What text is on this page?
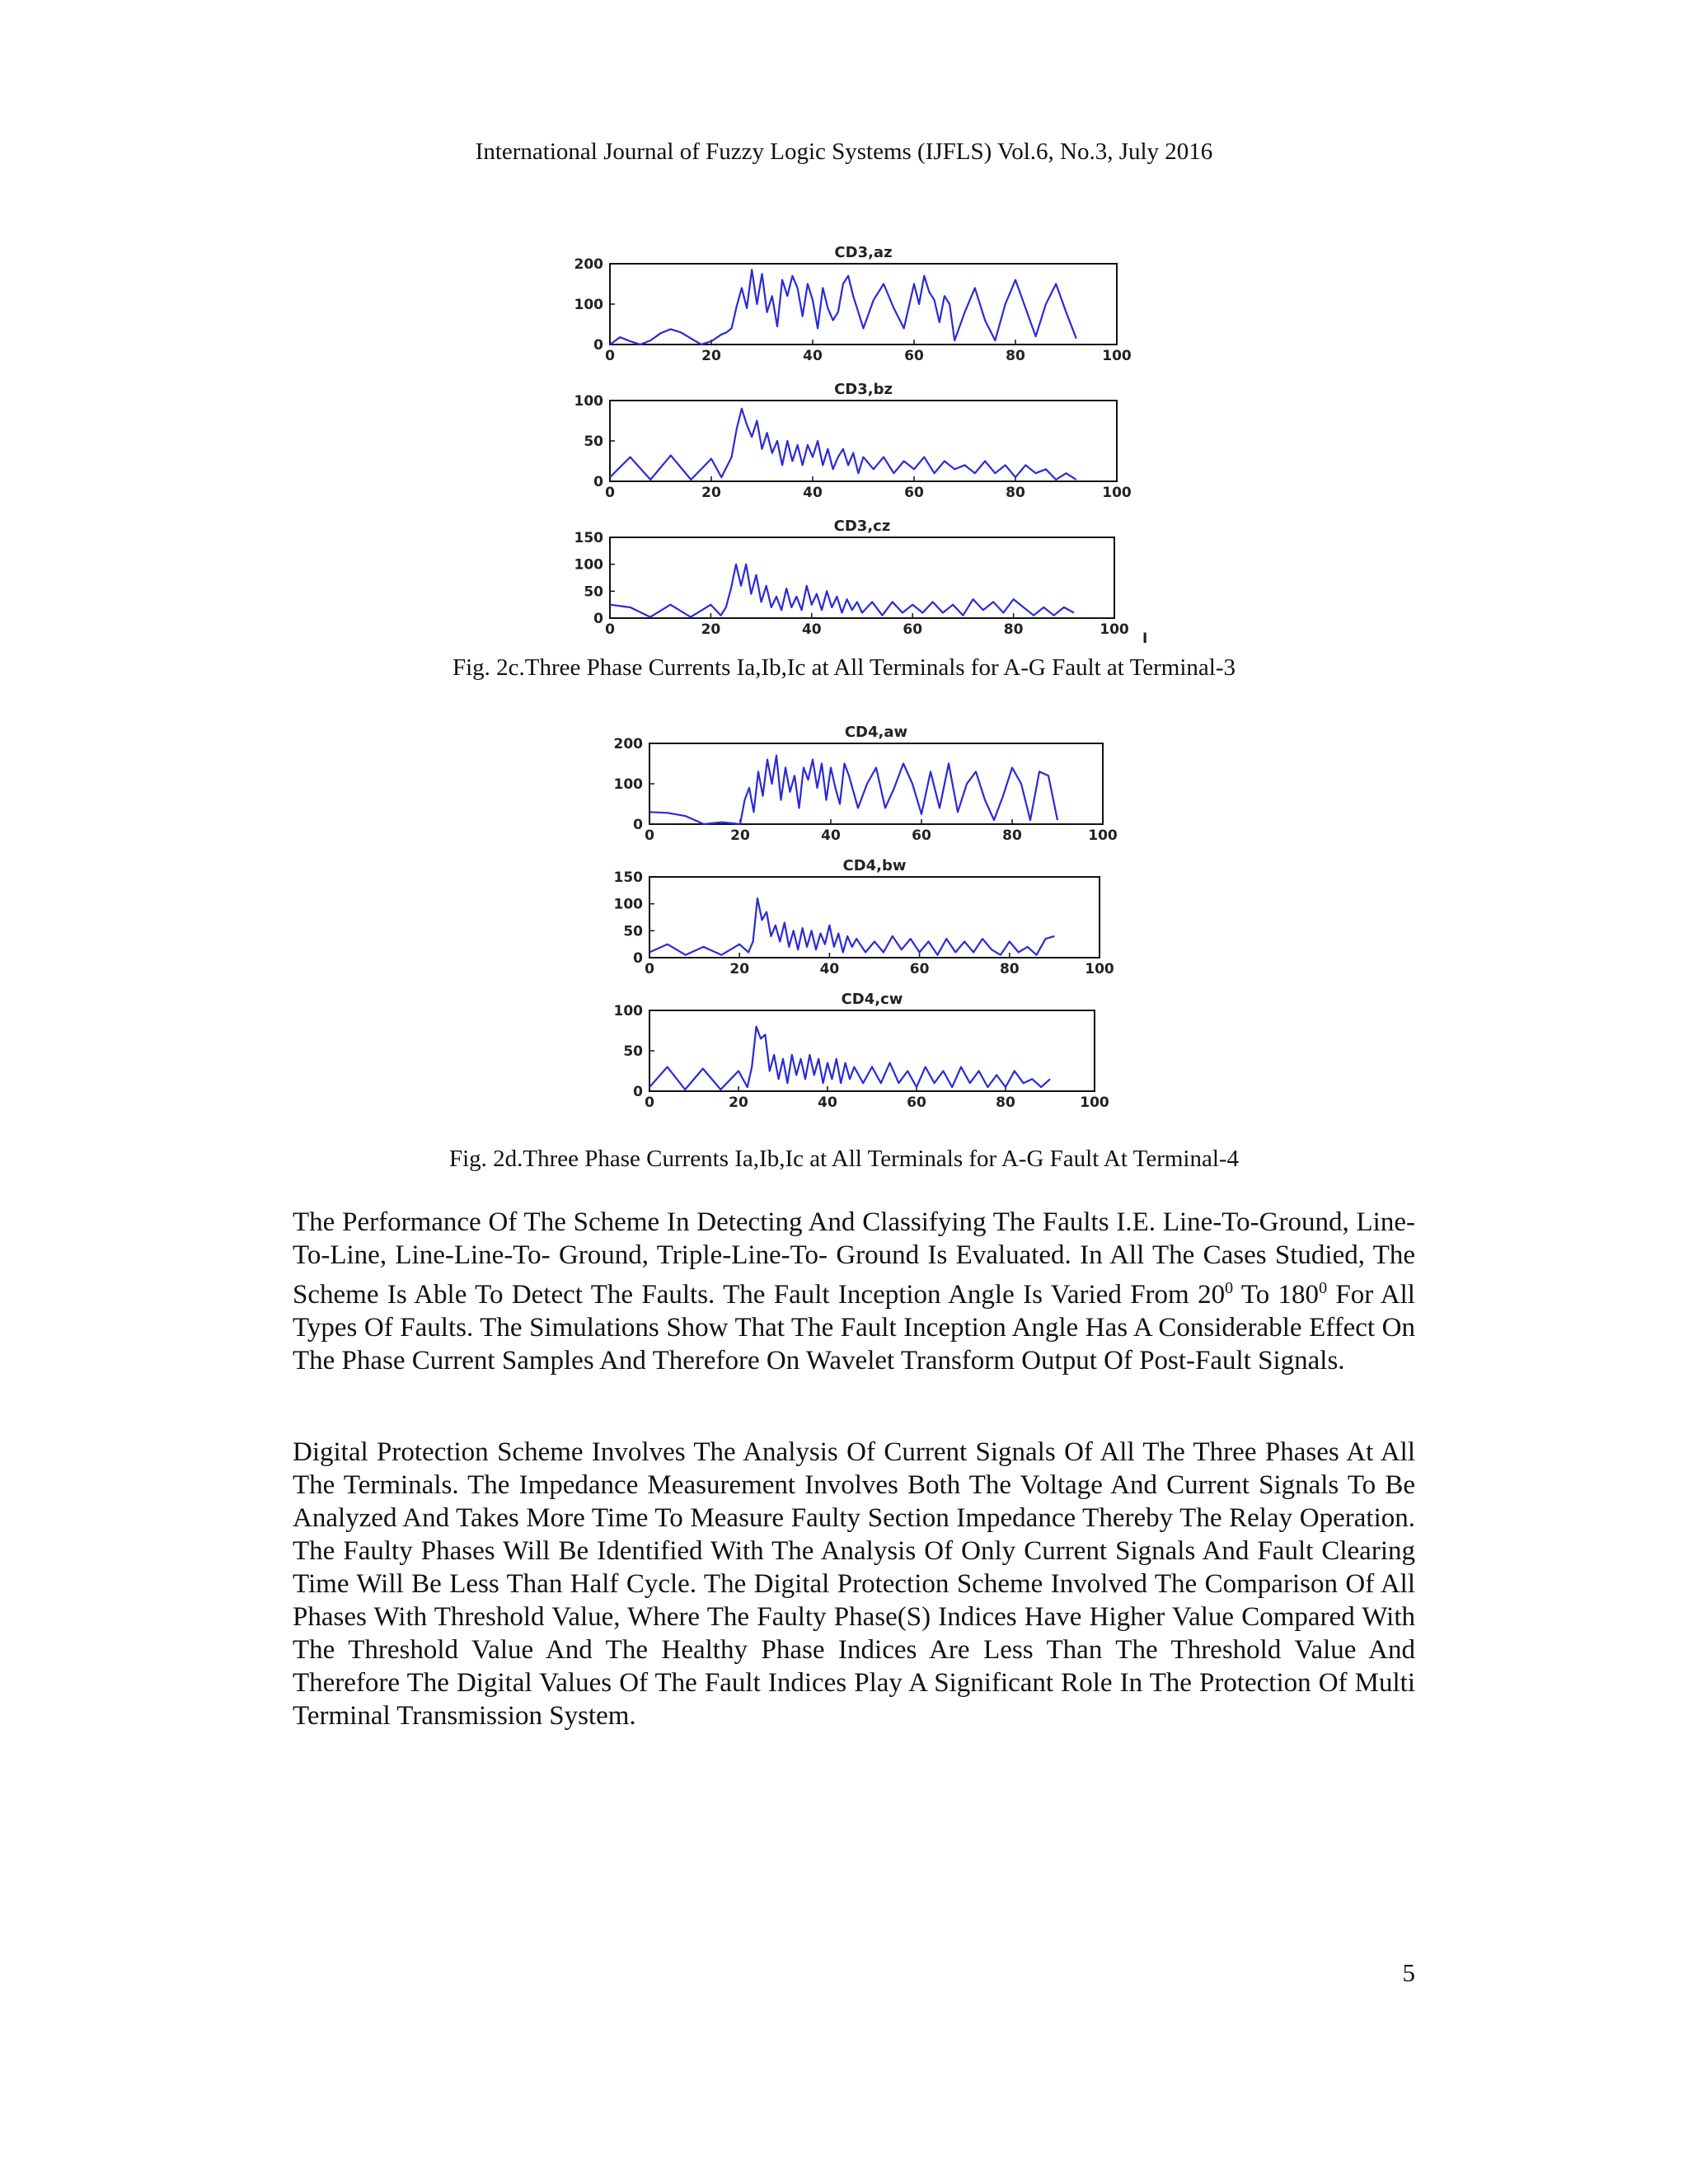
International Journal of Fuzzy Logic Systems (IJFLS) Vol.6, No.3, July 2016
CD3,az
0	20	40	60	80	100
0
100
200
CD3,bz
0	20	40	60	80	100
0
50
100
CD3,cz
0	20	40	60	80	100
0
50
100
150
I
Fig. 2c.Three Phase Currents Ia,Ib,Ic at All Terminals for A-G Fault at Terminal-3
CD4,aw
0	20	40	60	80	100
0
100
200
CD4,bw
0	20	40	60	80	100
0
50
100
150
CD4,cw
0	20	40	60	80	100
0
50
100
Fig. 2d.Three Phase Currents Ia,Ib,Ic at All Terminals for A-G Fault At Terminal-4

The Performance Of The Scheme In Detecting And Classifying The Faults I.E. Line-To-Ground, Line-To-Line, Line-Line-To- Ground, Triple-Line-To- Ground Is Evaluated. In All The Cases Studied, The Scheme Is Able To Detect The Faults. The Fault Inception Angle Is Varied From $20^0$ To $180^0$ For All Types Of Faults. The Simulations Show That The Fault Inception Angle Has A Considerable Effect On The Phase Current Samples And Therefore On Wavelet Transform Output Of Post-Fault Signals.

Digital Protection Scheme Involves The Analysis Of Current Signals Of All The Three Phases At All The Terminals. The Impedance Measurement Involves Both The Voltage And Current Signals To Be Analyzed And Takes More Time To Measure Faulty Section Impedance Thereby The Relay Operation. The Faulty Phases Will Be Identified With The Analysis Of Only Current Signals And Fault Clearing Time Will Be Less Than Half Cycle. The Digital Protection Scheme Involved The Comparison Of All Phases With Threshold Value, Where The Faulty Phase(S) Indices Have Higher Value Compared With The Threshold Value And The Healthy Phase Indices Are Less Than The Threshold Value And Therefore The Digital Values Of The Fault Indices Play A Significant Role In The Protection Of Multi Terminal Transmission System.

5
